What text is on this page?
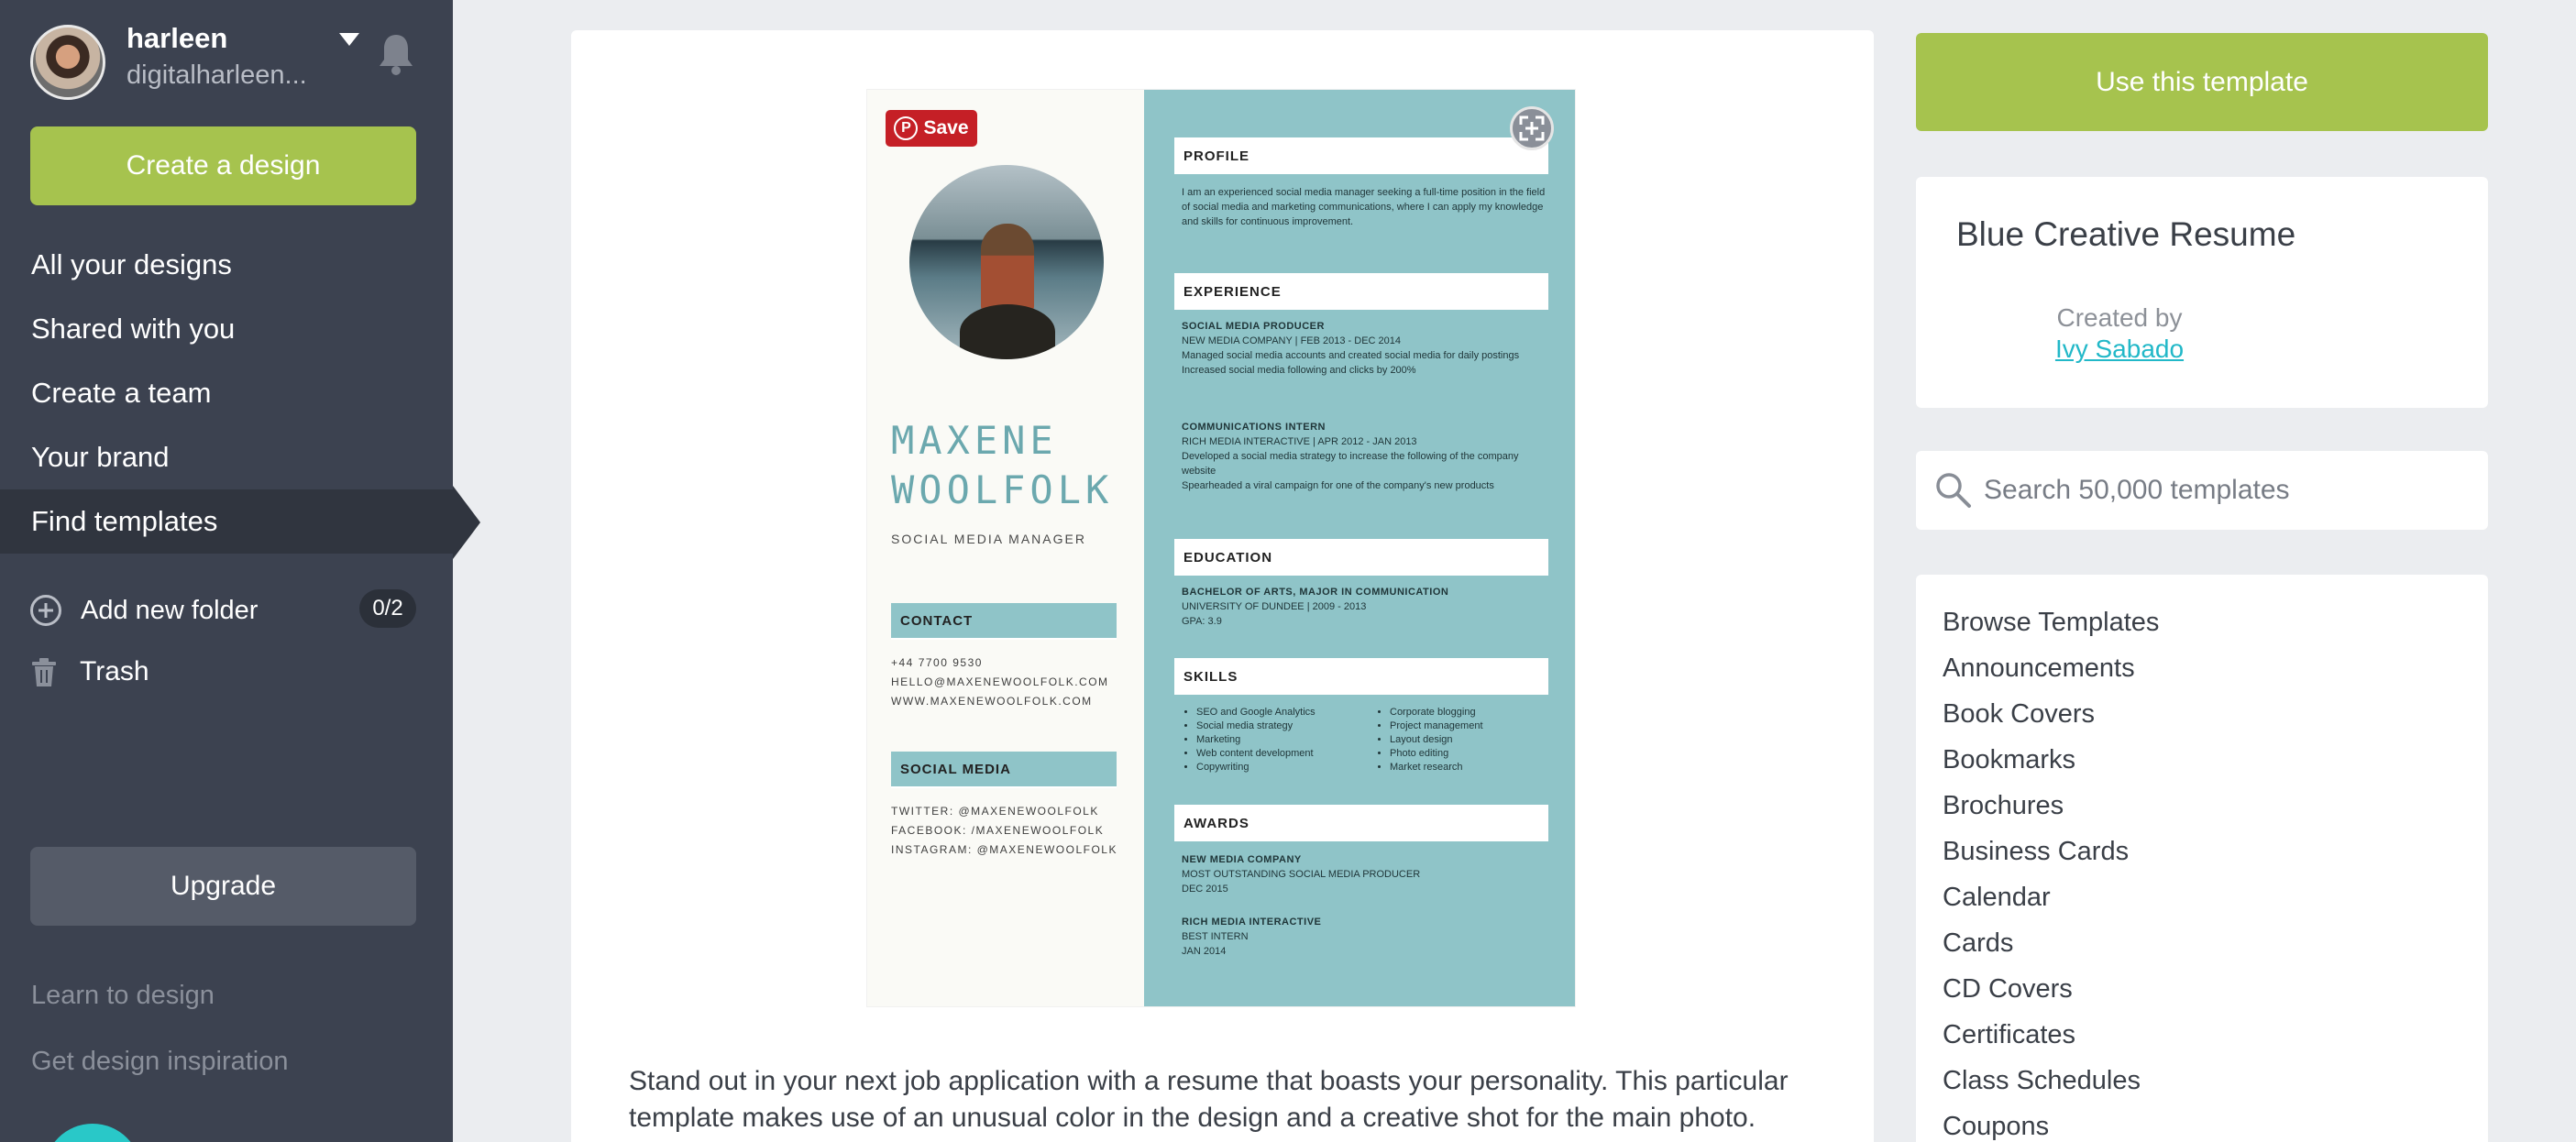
harleen
digitalharleen...
Create a design
All your designs
Shared with you
Create a team
Your brand
Find templates
Add new folder	0/2
Trash
Upgrade
Learn to design
Get design inspiration
MAXENE
WOOLFOLK
SOCIAL MEDIA MANAGER
CONTACT
+44 7700 9530
HELLO@MAXENEWOOLFOLK.COM
WWW.MAXENEWOOLFOLK.COM
SOCIAL MEDIA
TWITTER: @MAXENEWOOLFOLK
FACEBOOK: /MAXENEWOOLFOLK
INSTAGRAM: @MAXENEWOOLFOLK
PROFILE
I am an experienced social media manager seeking a full-time position in the field of social media and marketing communications, where I can apply my knowledge and skills for continuous improvement.
EXPERIENCE
SOCIAL MEDIA PRODUCER
NEW MEDIA COMPANY | FEB 2013 - DEC 2014
Managed social media accounts and created social media for daily postings
Increased social media following and clicks by 200%
COMMUNICATIONS INTERN
RICH MEDIA INTERACTIVE | APR 2012 - JAN 2013
Developed a social media strategy to increase the following of the company website
Spearheaded a viral campaign for one of the company's new products
EDUCATION
BACHELOR OF ARTS, MAJOR IN COMMUNICATION
UNIVERSITY OF DUNDEE | 2009 - 2013
GPA: 3.9
SKILLS
• SEO and Google Analytics
• Social media strategy
• Marketing
• Web content development
• Copywriting
• Corporate blogging
• Project management
• Layout design
• Photo editing
• Market research
AWARDS
NEW MEDIA COMPANY
MOST OUTSTANDING SOCIAL MEDIA PRODUCER
DEC 2015
RICH MEDIA INTERACTIVE
BEST INTERN
JAN 2014
P Save
Stand out in your next job application with a resume that boasts your personality. This particular template makes use of an unusual color in the design and a creative shot for the main photo.
Use this template
Blue Creative Resume
Created by
Ivy Sabado
Search 50,000 templates
Browse Templates
Announcements
Book Covers
Bookmarks
Brochures
Business Cards
Calendar
Cards
CD Covers
Certificates
Class Schedules
Coupons
